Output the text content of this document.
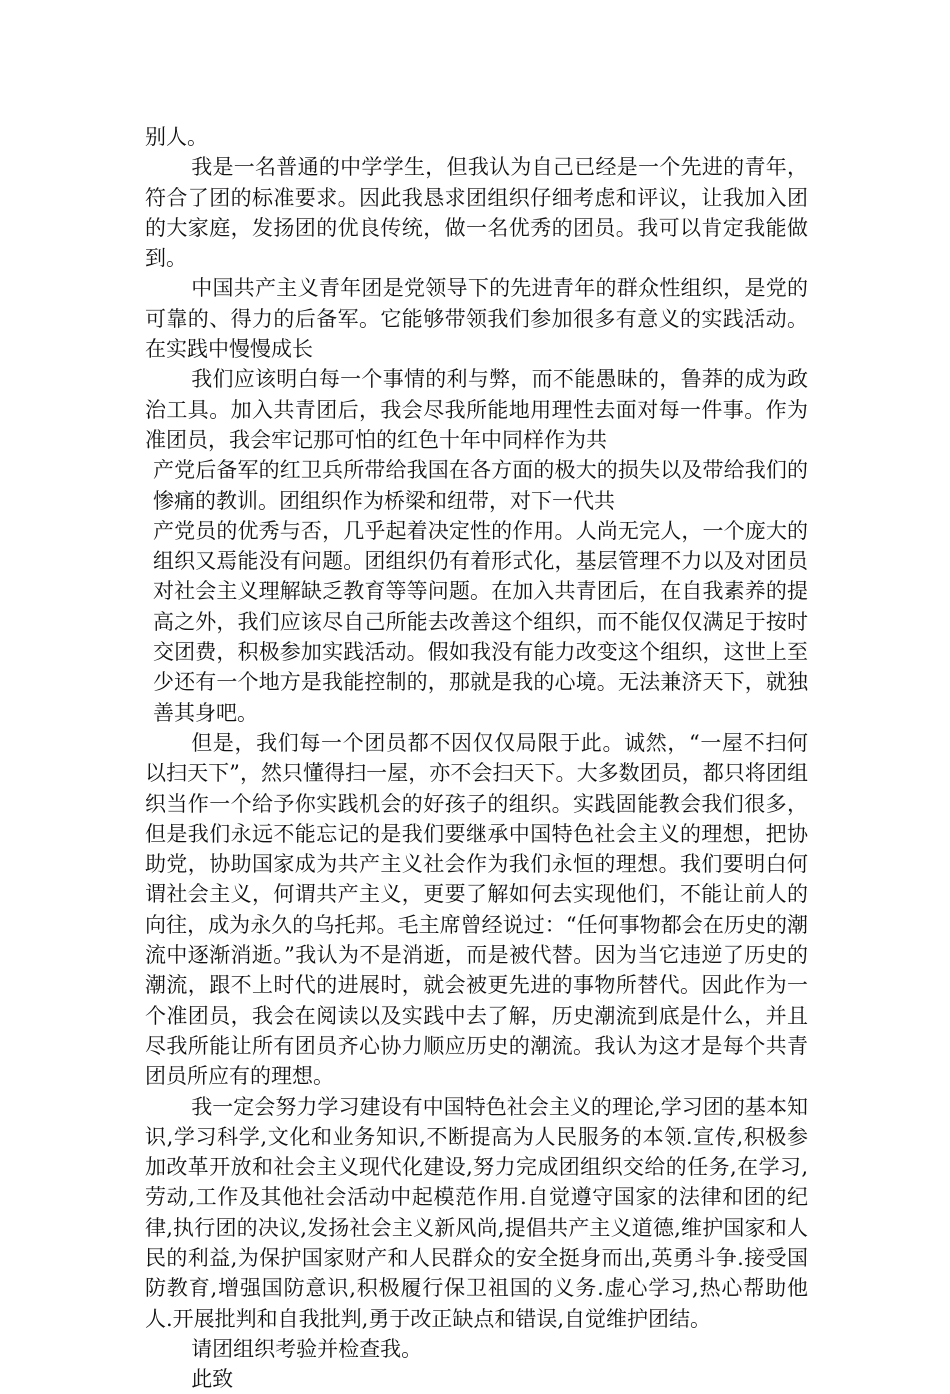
别人。

我是一名普通的中学学生，但我认为自己已经是一个先进的青年，符合了团的标准要求。因此我恳求团组织仔细考虑和评议，让我加入团的大家庭，发扬团的优良传统，做一名优秀的团员。我可以肯定我能做到。

中国共产主义青年团是党领导下的先进青年的群众性组织，是党的可靠的、得力的后备军。它能够带领我们参加很多有意义的实践活动。在实践中慢慢成长

我们应该明白每一个事情的利与弊，而不能愚昧的，鲁莽的成为政治工具。加入共青团后，我会尽我所能地用理性去面对每一件事。作为准团员，我会牢记那可怕的红色十年中同样作为共

产党后备军的红卫兵所带给我国在各方面的极大的损失以及带给我们的惨痛的教训。团组织作为桥梁和纽带，对下一代共

产党员的优秀与否，几乎起着决定性的作用。人尚无完人，一个庞大的组织又焉能没有问题。团组织仍有着形式化，基层管理不力以及对团员对社会主义理解缺乏教育等等问题。在加入共青团后，在自我素养的提高之外，我们应该尽自己所能去改善这个组织，而不能仅仅满足于按时交团费，积极参加实践活动。假如我没有能力改变这个组织，这世上至少还有一个地方是我能控制的，那就是我的心境。无法兼济天下，就独善其身吧。

但是，我们每一个团员都不因仅仅局限于此。诚然，“一屋不扫何以扫天下”，然只懂得扫一屋，亦不会扫天下。大多数团员，都只将团组织当作一个给予你实践机会的好孩子的组织。实践固能教会我们很多，但是我们永远不能忘记的是我们要继承中国特色社会主义的理想，把协助党，协助国家成为共产主义社会作为我们永恒的理想。我们要明白何谓社会主义，何谓共产主义，更要了解如何去实现他们，不能让前人的向往，成为永久的乌托邦。毛主席曾经说过：“任何事物都会在历史的潮流中逐渐消逝。”我认为不是消逝，而是被代替。因为当它违逆了历史的潮流，跟不上时代的进展时，就会被更先进的事物所替代。因此作为一个准团员，我会在阅读以及实践中去了解，历史潮流到底是什么，并且尽我所能让所有团员齐心协力顺应历史的潮流。我认为这才是每个共青团员所应有的理想。

我一定会努力学习建设有中国特色社会主义的理论,学习团的基本知识,学习科学,文化和业务知识,不断提高为人民服务的本领.宣传,积极参加改革开放和社会主义现代化建设,努力完成团组织交给的任务,在学习,劳动,工作及其他社会活动中起模范作用.自觉遵守国家的法律和团的纪律,执行团的决议,发扬社会主义新风尚,提倡共产主义道德,维护国家和人民的利益,为保护国家财产和人民群众的安全挺身而出,英勇斗争.接受国防教育,增强国防意识,积极履行保卫祖国的义务.虚心学习,热心帮助他人.开展批判和自我批判,勇于改正缺点和错误,自觉维护团结。

请团组织考验并检查我。

此致
